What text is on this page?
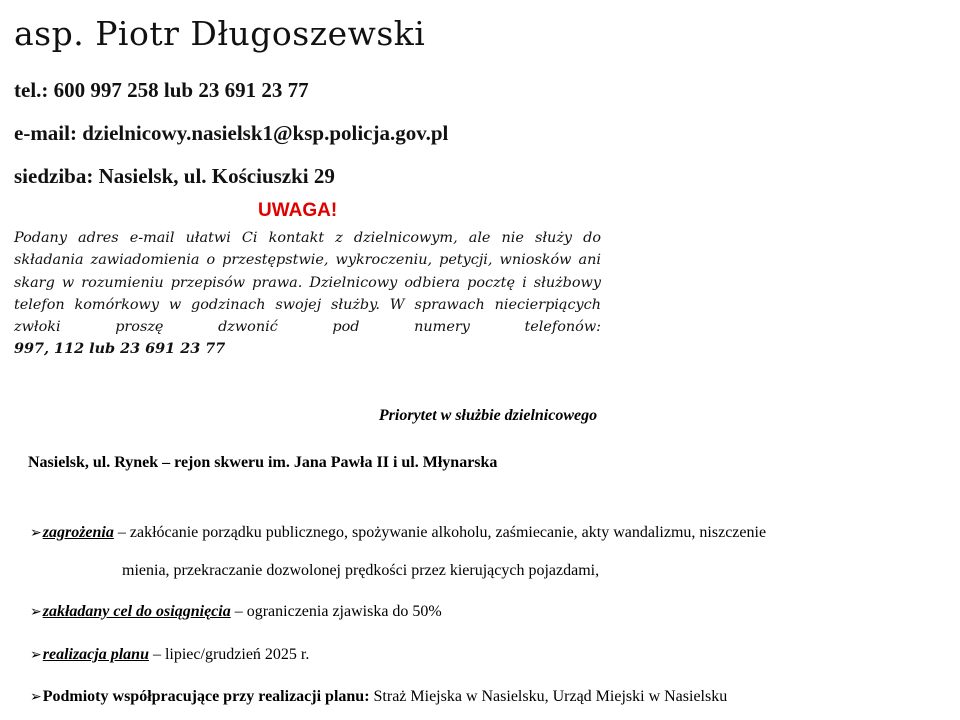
asp. Piotr Długoszewski
tel.: 600 997 258 lub 23 691 23 77
e-mail: dzielnicowy.nasielsk1@ksp.policja.gov.pl
siedziba: Nasielsk, ul. Kościuszki 29
UWAGA!
Podany adres e-mail ułatwi Ci kontakt z dzielnicowym, ale nie służy do składania zawiadomienia o przestępstwie, wykroczeniu, petycji, wniosków ani skarg w rozumieniu przepisów prawa. Dzielnicowy odbiera pocztę i służbowy telefon komórkowy w godzinach swojej służby. W sprawach niecierpiących zwłoki proszę dzwonić pod numery telefonów:
997, 112 lub 23 691 23 77
Priorytet w służbie dzielnicowego
Nasielsk, ul. Rynek – rejon skweru im. Jana Pawła II i ul. Młynarska
➢zagrożenia – zakłócanie porządku publicznego, spożywanie alkoholu, zaśmiecanie, akty wandalizmu, niszczenie
mienia, przekraczanie dozwolonej prędkości przez kierujących pojazdami,
➢zakładany cel do osiągnięcia – ograniczenia zjawiska do 50%
➢realizacja planu – lipiec/grudzień 2025 r.
➢Podmioty współpracujące przy realizacji planu: Straż Miejska w Nasielsku, Urząd Miejski w Nasielsku
